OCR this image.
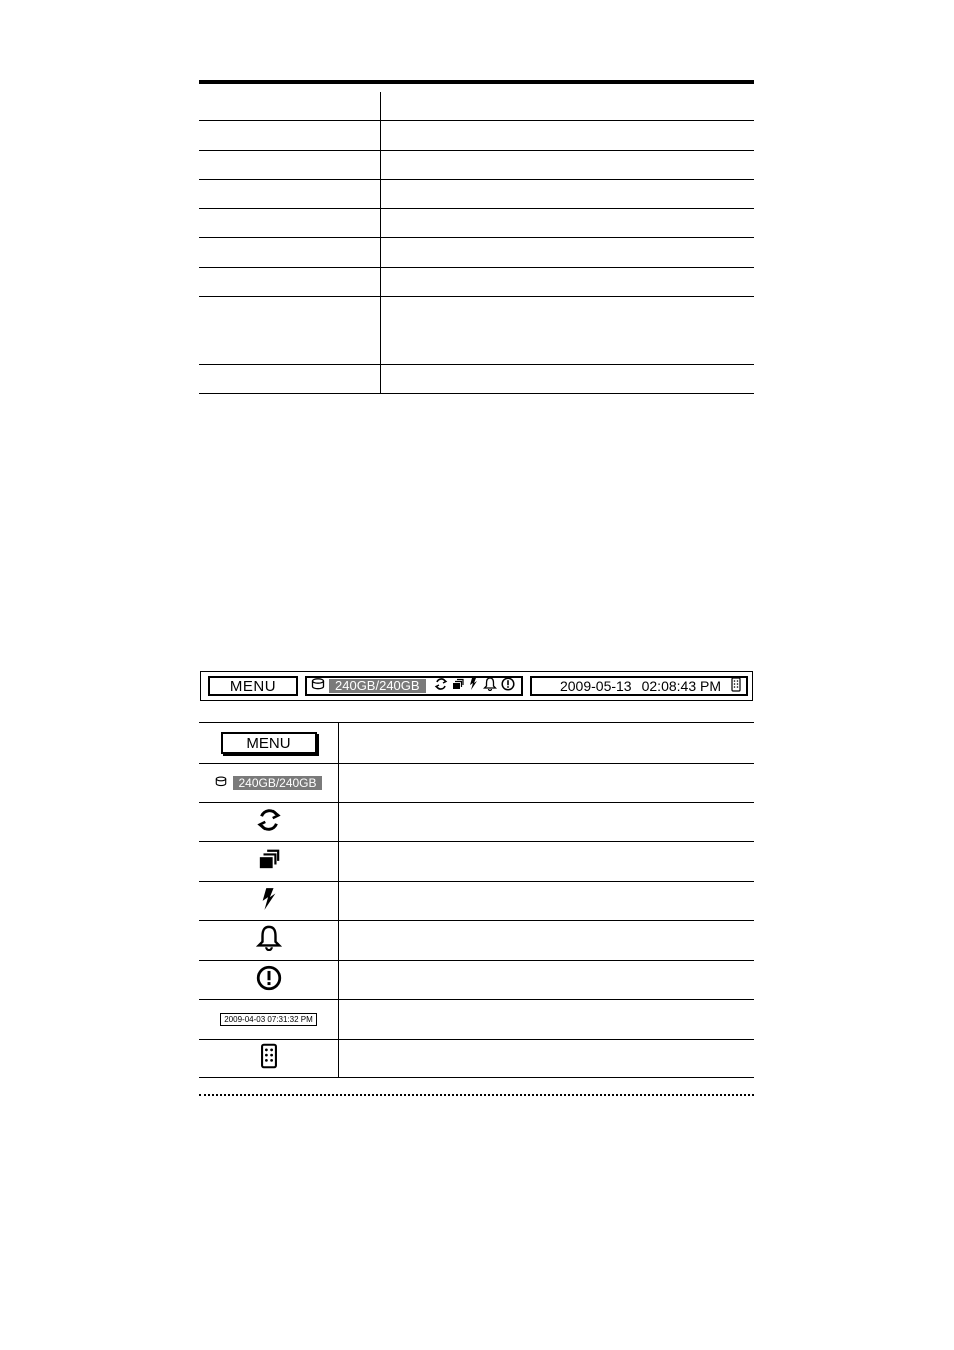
MENU	240GB/240GB	2009-05-13 02:08:43 PM
MENU
240GB/240GB
2009-04-03 07:31:32 PM
